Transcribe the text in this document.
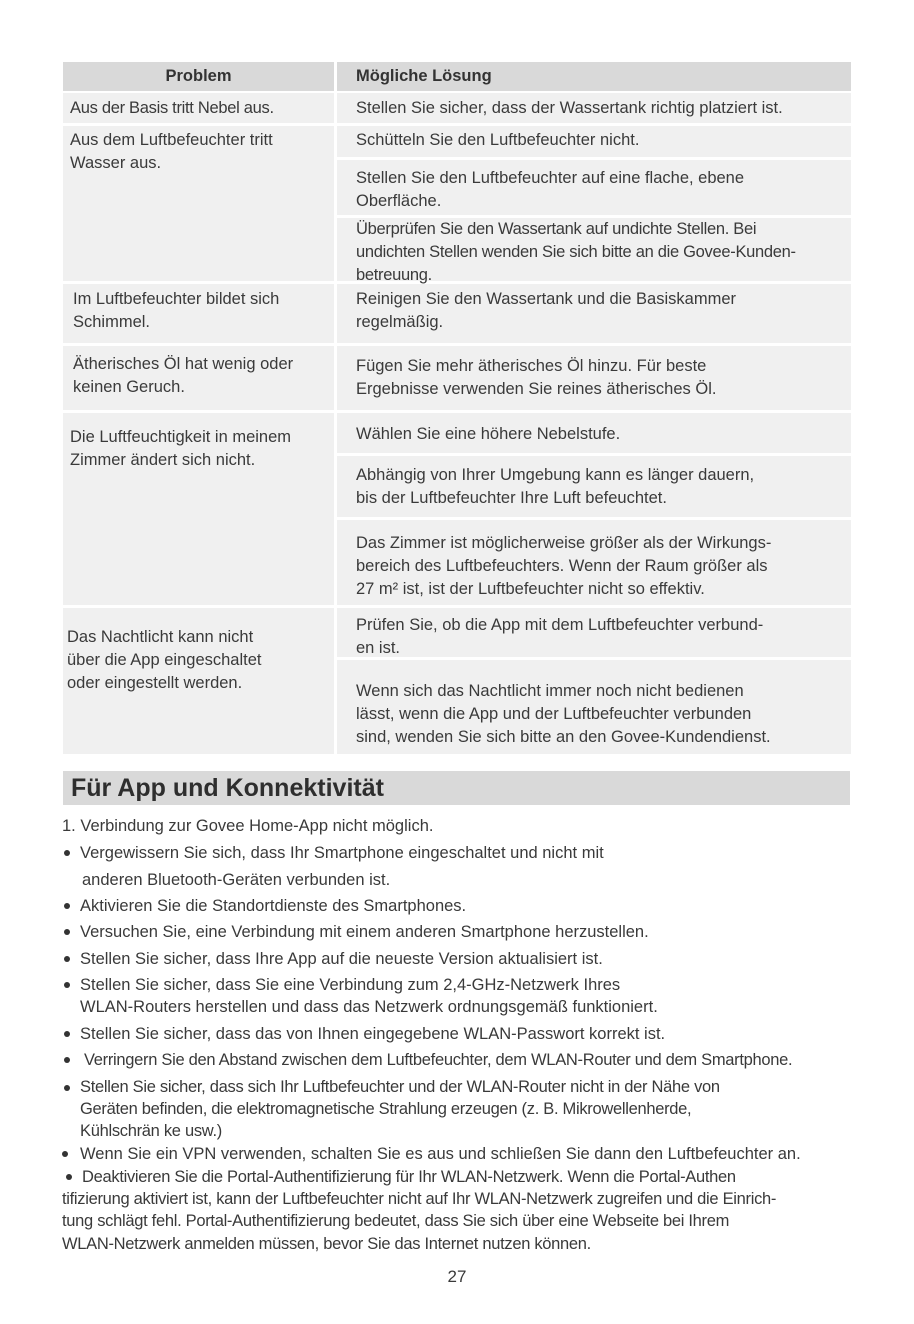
Problem	Mögliche Lösung
Aus der Basis tritt Nebel aus.	Stellen Sie sicher, dass der Wassertank richtig platziert ist.
Aus dem Luftbefeuchter tritt
Wasser aus.
Schütteln Sie den Luftbefeuchter nicht.
Stellen Sie den Luftbefeuchter auf eine flache, ebene
Oberfläche.
Überprüfen Sie den Wassertank auf undichte Stellen. Bei
undichten Stellen wenden Sie sich bitte an die Govee-Kunden-
betreuung.
Im Luftbefeuchter bildet sich
Schimmel.
Reinigen Sie den Wassertank und die Basiskammer
regelmäßig.
Ätherisches Öl hat wenig oder
keinen Geruch.
Fügen Sie mehr ätherisches Öl hinzu. Für beste
Ergebnisse verwenden Sie reines ätherisches Öl.
Die Luftfeuchtigkeit in meinem
Zimmer ändert sich nicht.
Wählen Sie eine höhere Nebelstufe.
Abhängig von Ihrer Umgebung kann es länger dauern,
bis der Luftbefeuchter Ihre Luft befeuchtet.
Das Zimmer ist möglicherweise größer als der Wirkungs-
bereich des Luftbefeuchters. Wenn der Raum größer als
27 m² ist, ist der Luftbefeuchter nicht so effektiv.
Das Nachtlicht kann nicht
über die App eingeschaltet
oder eingestellt werden.
Prüfen Sie, ob die App mit dem Luftbefeuchter verbund-
en ist.
Wenn sich das Nachtlicht immer noch nicht bedienen
lässt, wenn die App und der Luftbefeuchter verbunden
sind, wenden Sie sich bitte an den Govee-Kundendienst.
Für App und Konnektivität
1. Verbindung zur Govee Home-App nicht möglich.
Vergewissern Sie sich, dass Ihr Smartphone eingeschaltet und nicht mit
anderen Bluetooth-Geräten verbunden ist.
Aktivieren Sie die Standortdienste des Smartphones.
Versuchen Sie, eine Verbindung mit einem anderen Smartphone herzustellen.
Stellen Sie sicher, dass Ihre App auf die neueste Version aktualisiert ist.
Stellen Sie sicher, dass Sie eine Verbindung zum 2,4-GHz-Netzwerk Ihres
WLAN-Routers herstellen und dass das Netzwerk ordnungsgemäß funktioniert.
Stellen Sie sicher, dass das von Ihnen eingegebene WLAN-Passwort korrekt ist.
Verringern Sie den Abstand zwischen dem Luftbefeuchter, dem WLAN-Router und dem Smartphone.
Stellen Sie sicher, dass sich Ihr Luftbefeuchter und der WLAN-Router nicht in der Nähe von
Geräten befinden, die elektromagnetische Strahlung erzeugen (z. B. Mikrowellenherde,
Kühlschrän ke usw.)
Wenn Sie ein VPN verwenden, schalten Sie es aus und schließen Sie dann den Luftbefeuchter an.
Deaktivieren Sie die Portal-Authentifizierung für Ihr WLAN-Netzwerk. Wenn die Portal-Authen
tifizierung aktiviert ist, kann der Luftbefeuchter nicht auf Ihr WLAN-Netzwerk zugreifen und die Einrich-
tung schlägt fehl. Portal-Authentifizierung bedeutet, dass Sie sich über eine Webseite bei Ihrem
WLAN-Netzwerk anmelden müssen, bevor Sie das Internet nutzen können.
27
